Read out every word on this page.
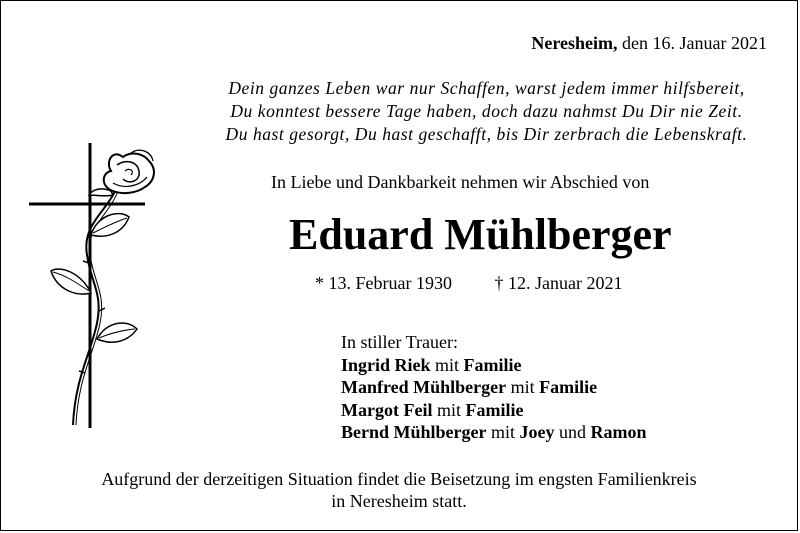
Neresheim, den 16. Januar 2021
Dein ganzes Leben war nur Schaffen, warst jedem immer hilfsbereit,
Du konntest bessere Tage haben, doch dazu nahmst Du Dir nie Zeit.
Du hast gesorgt, Du hast geschafft, bis Dir zerbrach die Lebenskraft.
In Liebe und Dankbarkeit nehmen wir Abschied von
Eduard Mühlberger
* 13. Februar 1930 † 12. Januar 2021
In stiller Trauer:
Ingrid Riek mit Familie
Manfred Mühlberger mit Familie
Margot Feil mit Familie
Bernd Mühlberger mit Joey und Ramon
Aufgrund der derzeitigen Situation findet die Beisetzung im engsten Familienkreis
in Neresheim statt.
